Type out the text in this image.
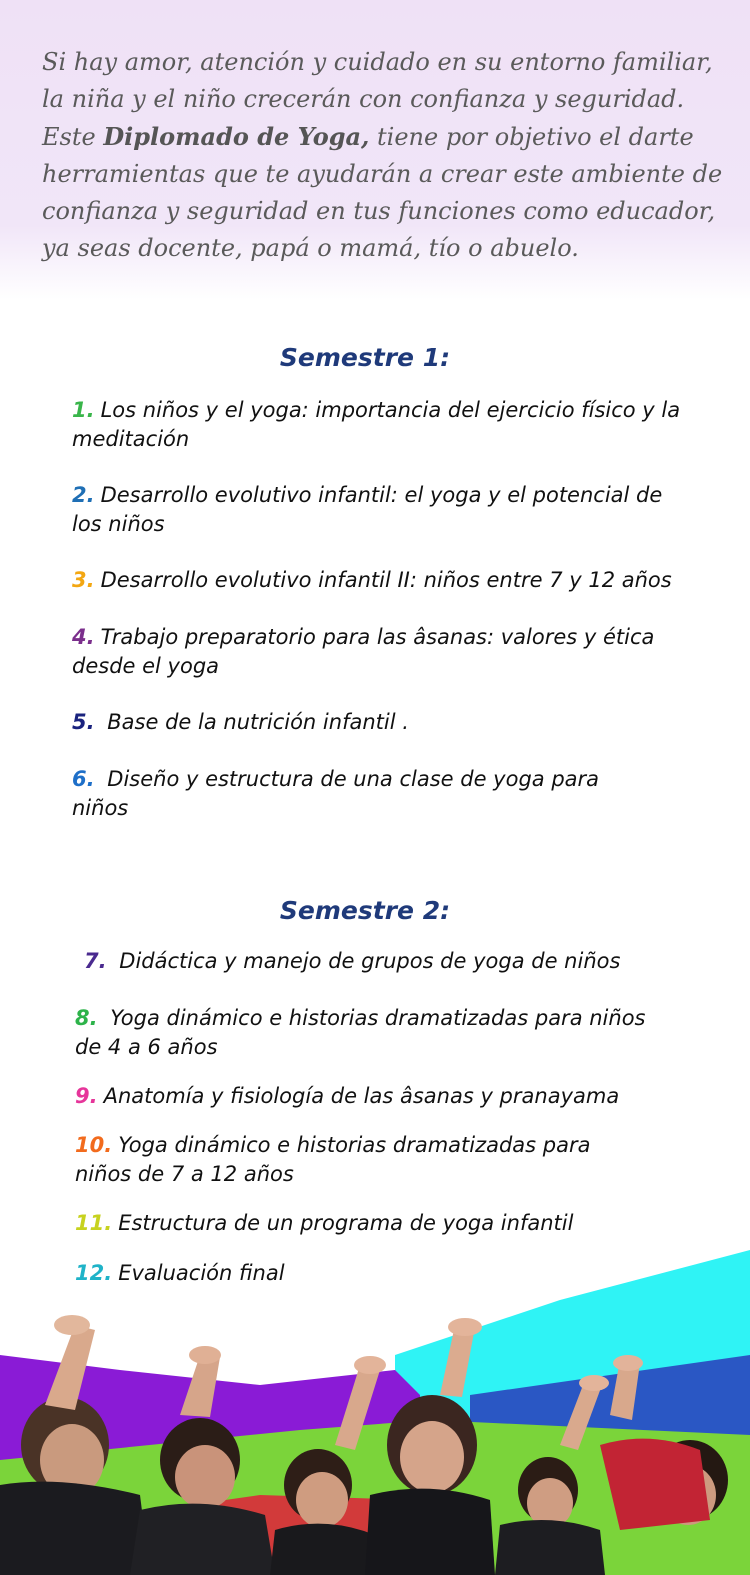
Si hay amor, atención y cuidado en su entorno familiar,
la niña y el niño crecerán con confianza y seguridad.
Este Diplomado de Yoga, tiene por objetivo el darte
herramientas que te ayudarán a crear este ambiente de
confianza y seguridad en tus funciones como educador,
ya seas docente, papá o mamá, tío o abuelo.

Semestre 1:

1. Los niños y el yoga: importancia del ejercicio físico y la meditación

2. Desarrollo evolutivo infantil: el yoga y el potencial de los niños

3. Desarrollo evolutivo infantil II: niños entre 7 y 12 años

4. Trabajo preparatorio para las âsanas: valores y ética desde el yoga

5. Base de la nutrición infantil .

6. Diseño y estructura de una clase de yoga para niños

Semestre 2:

7. Didáctica y manejo de grupos de yoga de niños

8. Yoga dinámico e historias dramatizadas para niños de 4 a 6 años

9. Anatomía y fisiología de las âsanas y pranayama

10. Yoga dinámico e historias dramatizadas para niños de 7 a 12 años

11. Estructura de un programa de yoga infantil

12. Evaluación final
